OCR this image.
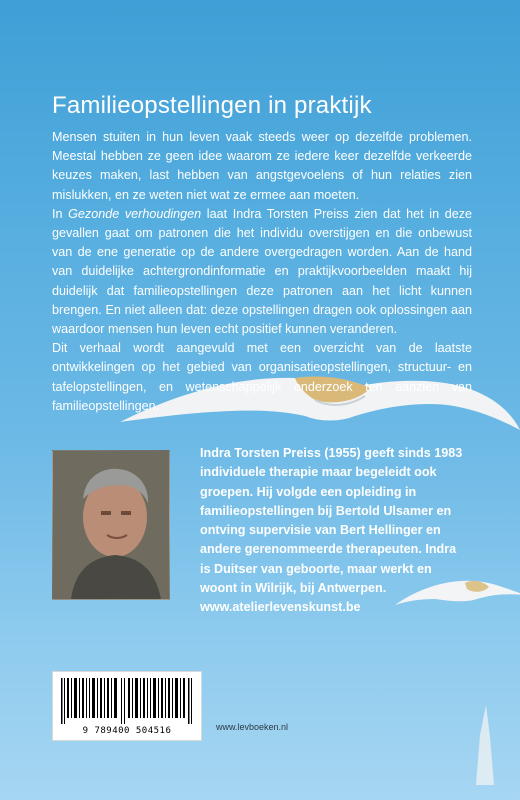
Familieopstellingen in praktijk

Mensen stuiten in hun leven vaak steeds weer op dezelfde problemen. Meestal hebben ze geen idee waarom ze iedere keer dezelfde verkeerde keuzes maken, last hebben van angstgevoelens of hun relaties zien mislukken, en ze weten niet wat ze ermee aan moeten.

In Gezonde verhoudingen laat Indra Torsten Preiss zien dat het in deze gevallen gaat om patronen die het individu overstijgen en die onbewust van de ene generatie op de andere overgedragen worden. Aan de hand van duidelijke achtergrondinformatie en praktijkvoorbeelden maakt hij duidelijk dat familieopstellingen deze patronen aan het licht kunnen brengen. En niet alleen dat: deze opstellingen dragen ook oplossingen aan waardoor mensen hun leven echt positief kunnen veranderen.

Dit verhaal wordt aangevuld met een overzicht van de laatste ontwikkelingen op het gebied van organisatieopstellingen, structuur- en tafelopstellingen, en wetenschappelijk onderzoek ten aanzien van familieopstellingen.

Indra Torsten Preiss (1955) geeft sinds 1983 individuele therapie maar begeleidt ook groepen. Hij volgde een opleiding in familieopstellingen bij Bertold Ulsamer en ontving supervisie van Bert Hellinger en andere gerenommeerde therapeuten. Indra is Duitser van geboorte, maar werkt en woont in Wilrijk, bij Antwerpen.

www.atelierlevenskunst.be

9 789400 504516	www.levboeken.nl
